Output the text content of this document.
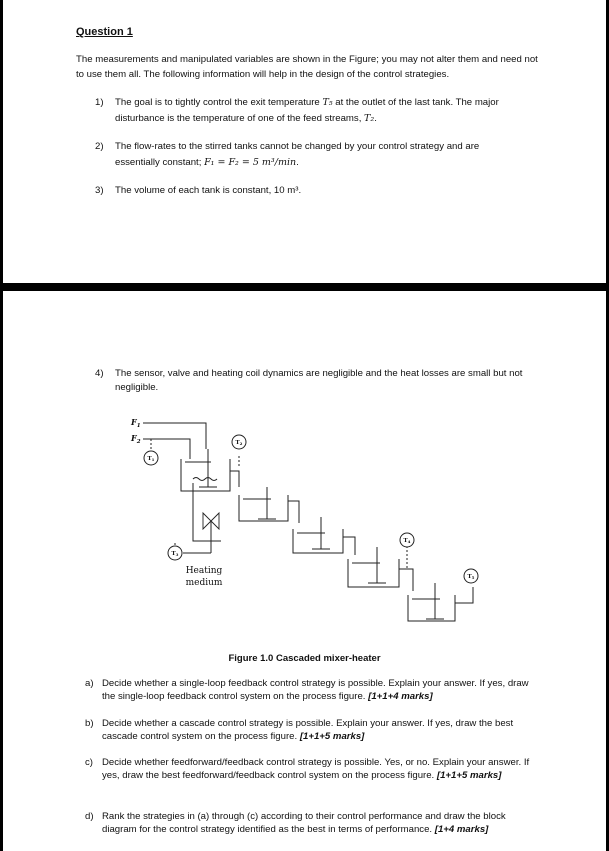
Question 1
The measurements and manipulated variables are shown in the Figure; you may not alter them and need not to use them all. The following information will help in the design of the control strategies.
1) The goal is to tightly control the exit temperature T₅ at the outlet of the last tank. The major
disturbance is the temperature of one of the feed streams, T₂.
2) The flow-rates to the stirred tanks cannot be changed by your control strategy and are
essentially constant; F₁ = F₂ = 5 m³/min.
3) The volume of each tank is constant, 10 m³.
4) The sensor, valve and heating coil dynamics are negligible and the heat losses are small but not negligible.
T1
T2
T3
T4
T5
$F_1$
$F_2$
Heating
medium
Figure 1.0 Cascaded mixer-heater
a) Decide whether a single-loop feedback control strategy is possible. Explain your answer. If yes, draw the single-loop feedback control system on the process figure. [1+1+4 marks]
b) Decide whether a cascade control strategy is possible. Explain your answer. If yes, draw the best cascade control system on the process figure. [1+1+5 marks]
c) Decide whether feedforward/feedback control strategy is possible. Yes, or no. Explain your answer. If yes, draw the best feedforward/feedback control system on the process figure. [1+1+5 marks]
d) Rank the strategies in (a) through (c) according to their control performance and draw the block diagram for the control strategy identified as the best in terms of performance. [1+4 marks]
